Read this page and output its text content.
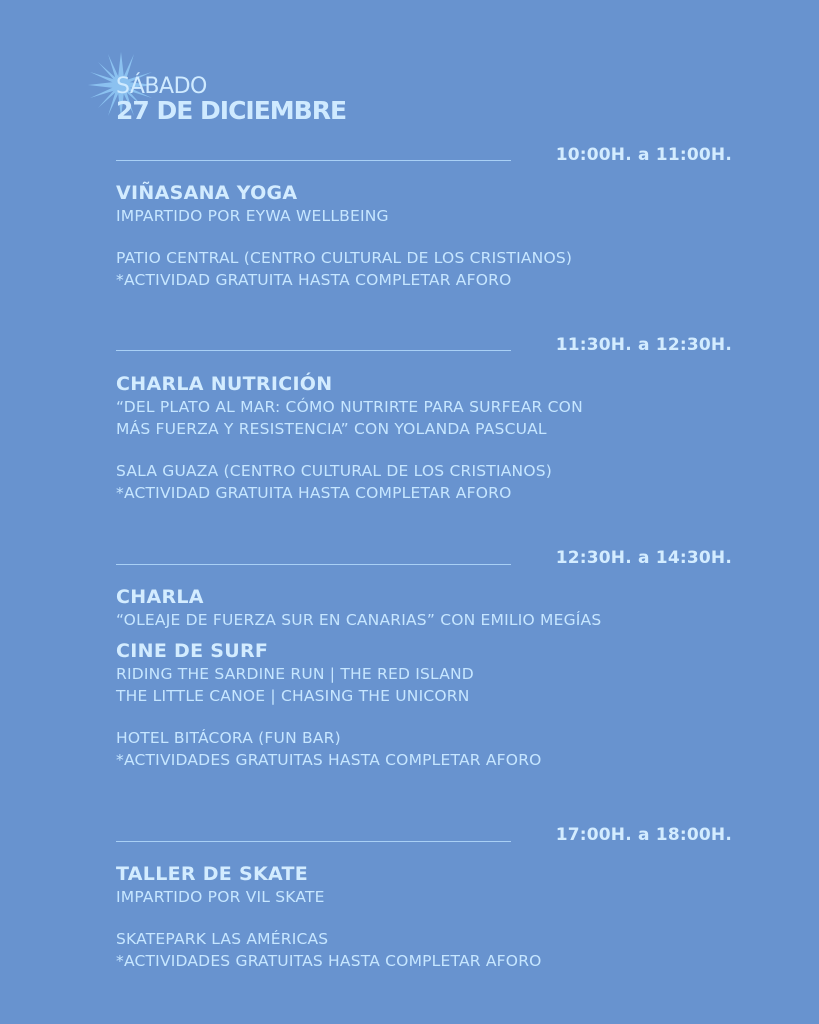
SÁBADO
27 DE DICIEMBRE
10:00H. a 11:00H.
VIÑASANA YOGA
IMPARTIDO POR EYWA WELLBEING
PATIO CENTRAL (CENTRO CULTURAL DE LOS CRISTIANOS)
*ACTIVIDAD GRATUITA HASTA COMPLETAR AFORO
11:30H. a 12:30H.
CHARLA NUTRICIÓN
“DEL PLATO AL MAR: CÓMO NUTRIRTE PARA SURFEAR CON
MÁS FUERZA Y RESISTENCIA” CON YOLANDA PASCUAL
SALA GUAZA (CENTRO CULTURAL DE LOS CRISTIANOS)
*ACTIVIDAD GRATUITA HASTA COMPLETAR AFORO
12:30H. a 14:30H.
CHARLA
“OLEAJE DE FUERZA SUR EN CANARIAS” CON EMILIO MEGÍAS
CINE DE SURF
RIDING THE SARDINE RUN | THE RED ISLAND
THE LITTLE CANOE | CHASING THE UNICORN
HOTEL BITÁCORA (FUN BAR)
*ACTIVIDADES GRATUITAS HASTA COMPLETAR AFORO
17:00H. a 18:00H.
TALLER DE SKATE
IMPARTIDO POR VIL SKATE
SKATEPARK LAS AMÉRICAS
*ACTIVIDADES GRATUITAS HASTA COMPLETAR AFORO
